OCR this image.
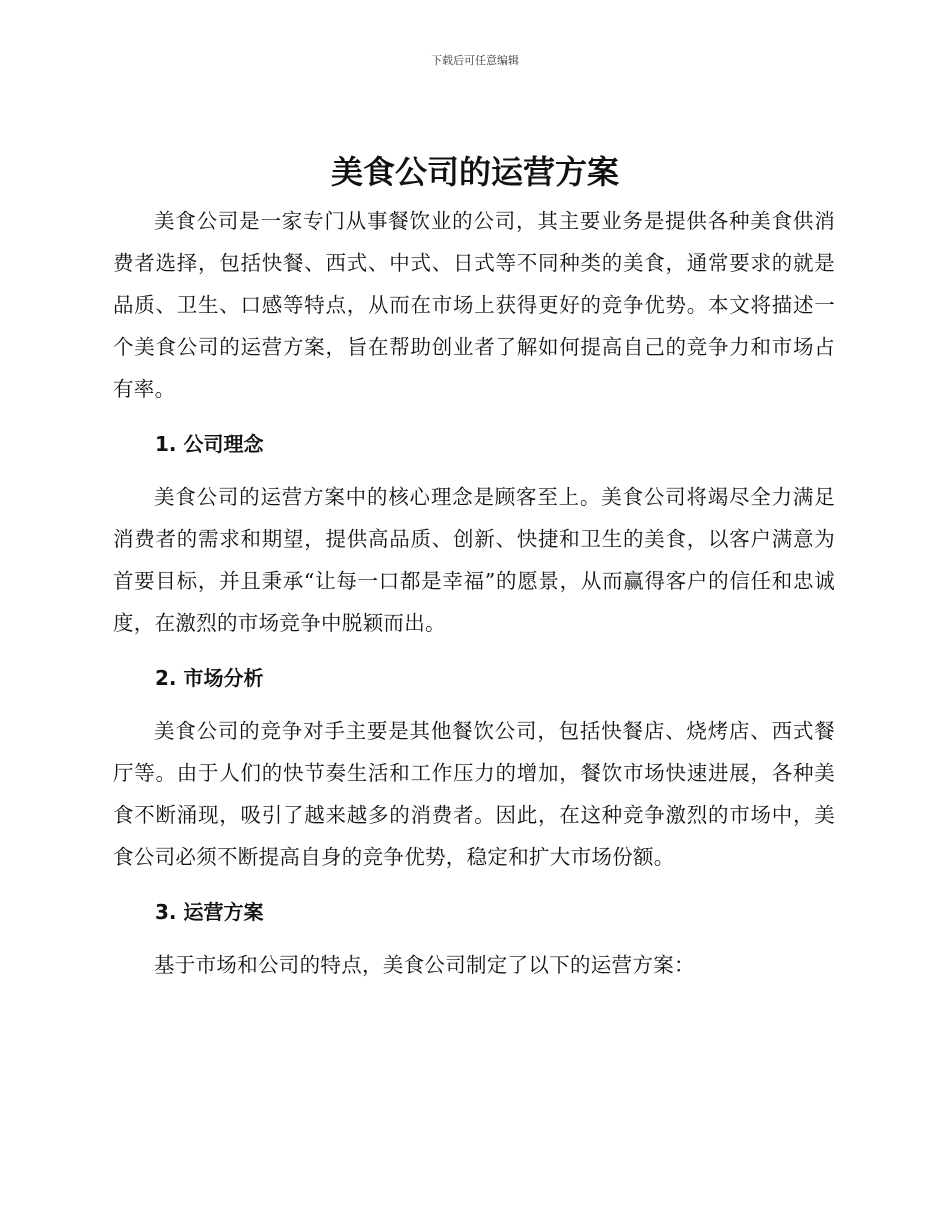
下载后可任意编辑
美食公司的运营方案

美食公司是一家专门从事餐饮业的公司，其主要业务是提供各种美食供消费者选择，包括快餐、西式、中式、日式等不同种类的美食，通常要求的就是品质、卫生、口感等特点，从而在市场上获得更好的竞争优势。本文将描述一个美食公司的运营方案，旨在帮助创业者了解如何提高自己的竞争力和市场占有率。

1. 公司理念

美食公司的运营方案中的核心理念是顾客至上。美食公司将竭尽全力满足消费者的需求和期望，提供高品质、创新、快捷和卫生的美食，以客户满意为首要目标，并且秉承“让每一口都是幸福”的愿景，从而赢得客户的信任和忠诚度，在激烈的市场竞争中脱颖而出。

2. 市场分析

美食公司的竞争对手主要是其他餐饮公司，包括快餐店、烧烤店、西式餐厅等。由于人们的快节奏生活和工作压力的增加，餐饮市场快速进展，各种美食不断涌现，吸引了越来越多的消费者。因此，在这种竞争激烈的市场中，美食公司必须不断提高自身的竞争优势，稳定和扩大市场份额。

3. 运营方案

基于市场和公司的特点，美食公司制定了以下的运营方案：
